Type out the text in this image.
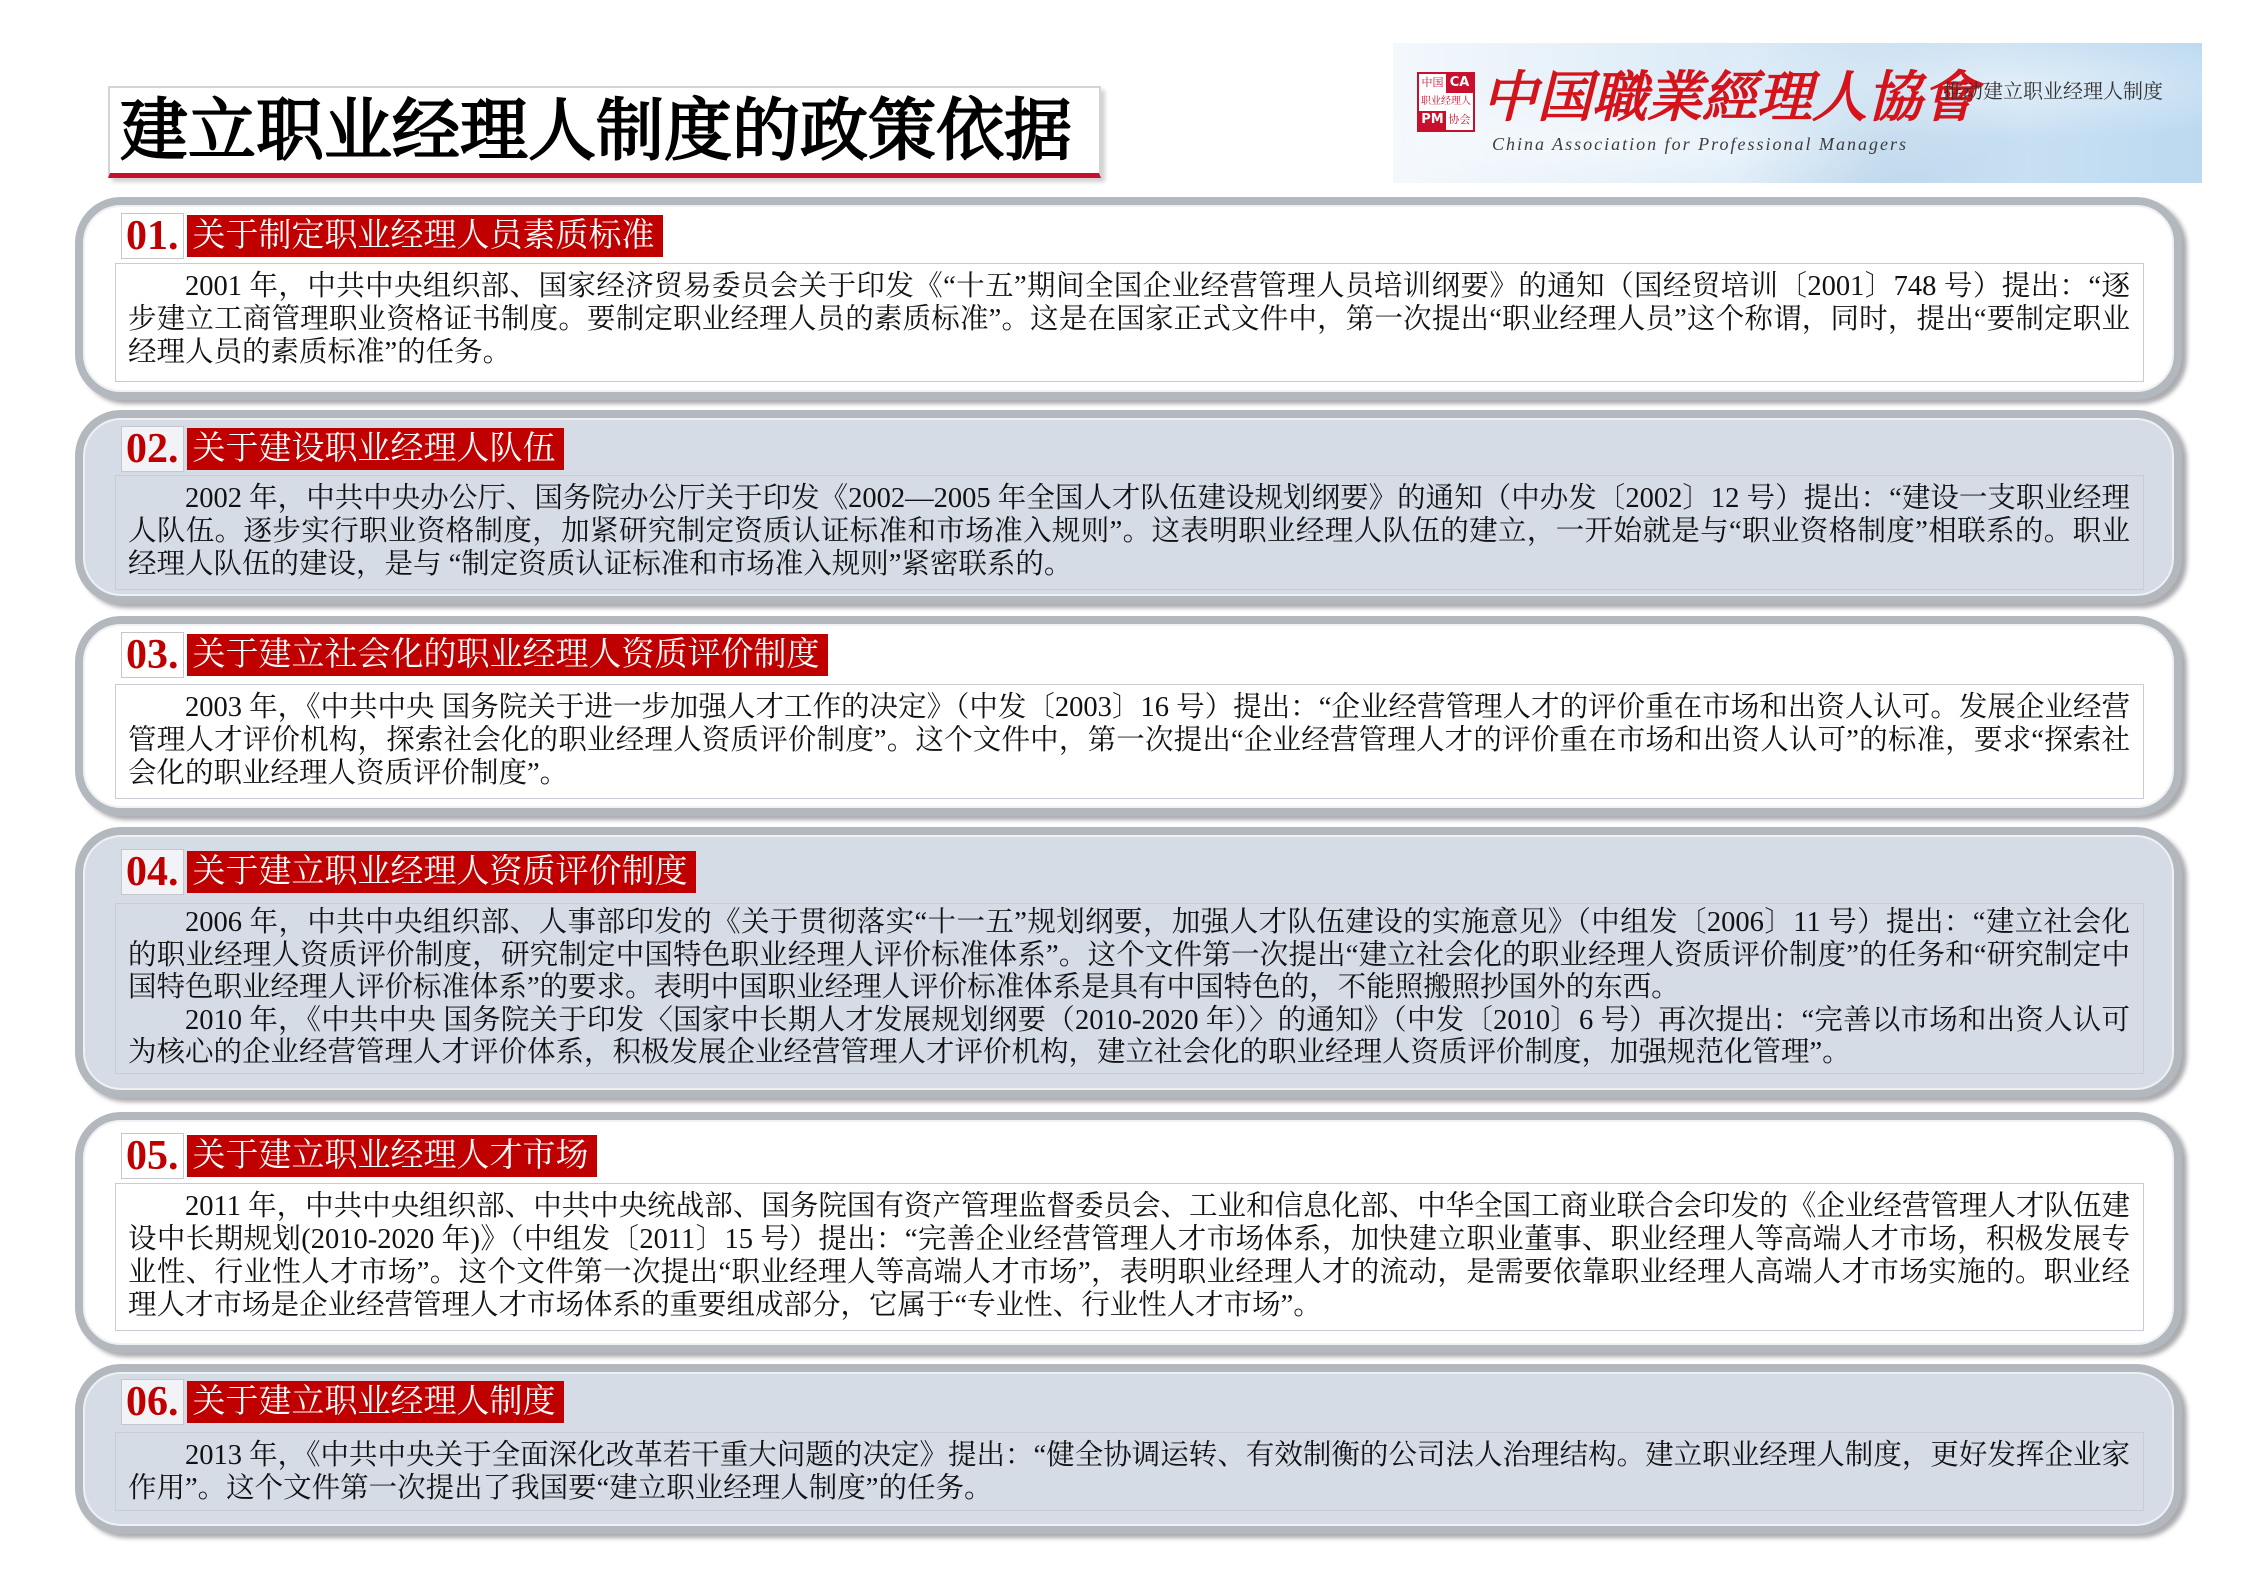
建立职业经理人制度的政策依据
中国 CA
职业经理人
PM 协会 中国職業經理人協會
China Association for Professional Managers
推动建立职业经理人制度
01. 关于制定职业经理人员素质标准

2001 年，中共中央组织部、国家经济贸易委员会关于印发《“十五”期间全国企业经营管理人员培训纲要》的通知（国经贸培训〔2001〕748 号）提出：“逐步建立工商管理职业资格证书制度。要制定职业经理人员的素质标准”。这是在国家正式文件中，第一次提出“职业经理人员”这个称谓，同时，提出“要制定职业经理人员的素质标准”的任务。

02. 关于建设职业经理人队伍

2002 年，中共中央办公厅、国务院办公厅关于印发《2002—2005 年全国人才队伍建设规划纲要》的通知（中办发〔2002〕12 号）提出：“建设一支职业经理人队伍。逐步实行职业资格制度，加紧研究制定资质认证标准和市场准入规则”。这表明职业经理人队伍的建立，一开始就是与“职业资格制度”相联系的。职业经理人队伍的建设，是与 “制定资质认证标准和市场准入规则”紧密联系的。

03. 关于建立社会化的职业经理人资质评价制度

2003 年，《中共中央 国务院关于进一步加强人才工作的决定》（中发〔2003〕16 号）提出：“企业经营管理人才的评价重在市场和出资人认可。发展企业经营管理人才评价机构，探索社会化的职业经理人资质评价制度”。这个文件中，第一次提出“企业经营管理人才的评价重在市场和出资人认可”的标准，要求“探索社会化的职业经理人资质评价制度”。

04. 关于建立职业经理人资质评价制度

2006 年，中共中央组织部、人事部印发的《关于贯彻落实“十一五”规划纲要，加强人才队伍建设的实施意见》（中组发〔2006〕11 号）提出：“建立社会化的职业经理人资质评价制度，研究制定中国特色职业经理人评价标准体系”。这个文件第一次提出“建立社会化的职业经理人资质评价制度”的任务和“研究制定中国特色职业经理人评价标准体系”的要求。表明中国职业经理人评价标准体系是具有中国特色的，不能照搬照抄国外的东西。

2010 年，《中共中央 国务院关于印发〈国家中长期人才发展规划纲要（2010-2020 年）〉的通知》（中发〔2010〕6 号）再次提出：“完善以市场和出资人认可为核心的企业经营管理人才评价体系，积极发展企业经营管理人才评价机构，建立社会化的职业经理人资质评价制度，加强规范化管理”。

05. 关于建立职业经理人才市场

2011 年，中共中央组织部、中共中央统战部、国务院国有资产管理监督委员会、工业和信息化部、中华全国工商业联合会印发的《企业经营管理人才队伍建设中长期规划(2010-2020 年)》（中组发〔2011〕15 号）提出：“完善企业经营管理人才市场体系，加快建立职业董事、职业经理人等高端人才市场，积极发展专业性、行业性人才市场”。这个文件第一次提出“职业经理人等高端人才市场”，表明职业经理人才的流动，是需要依靠职业经理人高端人才市场实施的。职业经理人才市场是企业经营管理人才市场体系的重要组成部分，它属于“专业性、行业性人才市场”。

06. 关于建立职业经理人制度

2013 年，《中共中央关于全面深化改革若干重大问题的决定》提出：“健全协调运转、有效制衡的公司法人治理结构。建立职业经理人制度，更好发挥企业家作用”。这个文件第一次提出了我国要“建立职业经理人制度”的任务。
